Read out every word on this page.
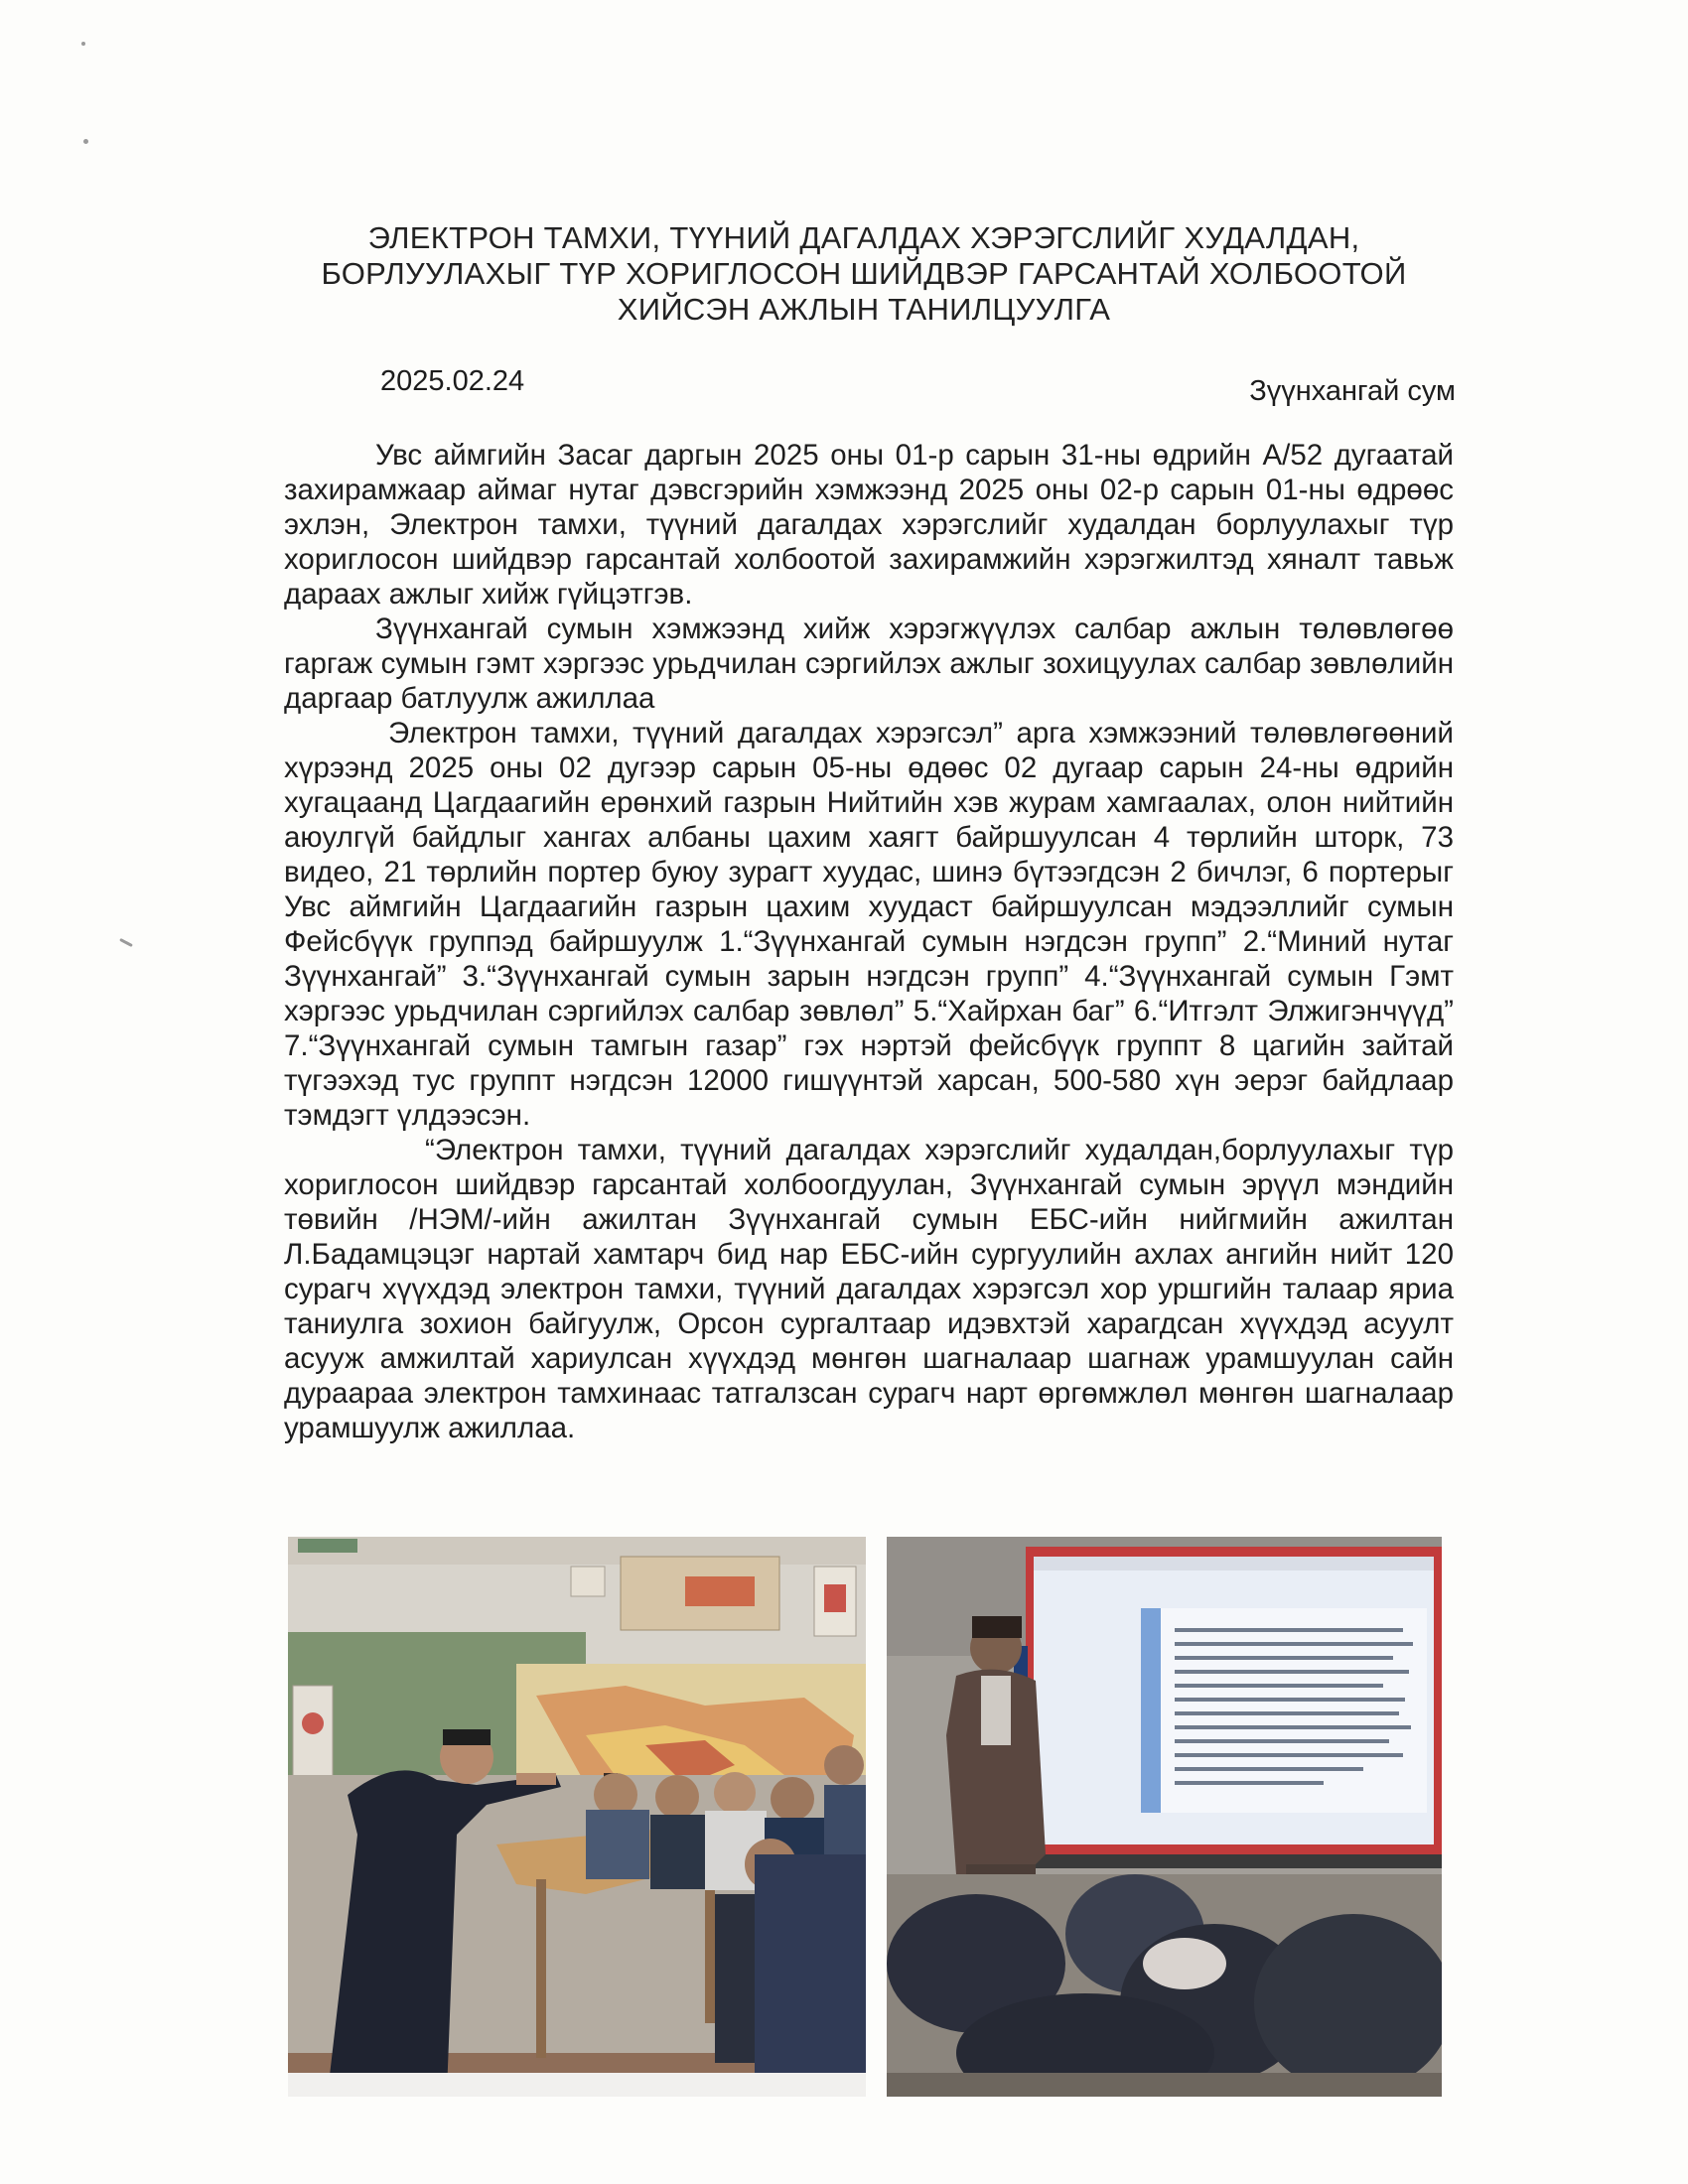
ЭЛЕКТРОН ТАМХИ, ТҮҮНИЙ ДАГАЛДАХ ХЭРЭГСЛИЙГ ХУДАЛДАН,
БОРЛУУЛАХЫГ ТҮР ХОРИГЛОСОН ШИЙДВЭР ГАРСАНТАЙ ХОЛБООТОЙ
ХИЙСЭН АЖЛЫН ТАНИЛЦУУЛГА
2025.02.24	Зүүнхангай сум

Увс аймгийн Засаг даргын 2025 оны 01-р сарын 31-ны өдрийн А/52 дугаатай захирамжаар аймаг нутаг дэвсгэрийн хэмжээнд 2025 оны 02-р сарын 01-ны өдрөөс эхлэн, Электрон тамхи, түүний дагалдах хэрэгслийг худалдан борлуулахыг түр хориглосон шийдвэр гарсантай холбоотой захирамжийн хэрэгжилтэд хяналт тавьж дараах ажлыг хийж гүйцэтгэв.

Зүүнхангай сумын хэмжээнд хийж хэрэгжүүлэх салбар ажлын төлөвлөгөө гаргаж сумын гэмт хэргээс урьдчилан сэргийлэх ажлыг зохицуулах салбар зөвлөлийн даргаар батлуулж ажиллаа

Электрон тамхи, түүний дагалдах хэрэгсэл” арга хэмжээний төлөвлөгөөний хүрээнд 2025 оны 02 дугээр сарын 05-ны өдөөс 02 дугаар сарын 24-ны өдрийн хугацаанд Цагдаагийн ерөнхий газрын Нийтийн хэв журам хамгаалах, олон нийтийн аюулгүй байдлыг хангах албаны цахим хаягт байршуулсан 4 төрлийн шторк, 73 видео, 21 төрлийн портер буюу зурагт хуудас, шинэ бүтээгдсэн 2 бичлэг, 6 портерыг Увс аймгийн Цагдаагийн газрын цахим хуудаст байршуулсан мэдээллийг сумын Фейсбүүк группэд байршуулж 1.“Зүүнхангай сумын нэгдсэн групп” 2.“Миний нутаг Зүүнхангай” 3.“Зүүнхангай сумын зарын нэгдсэн групп” 4.“Зүүнхангай сумын Гэмт хэргээс урьдчилан сэргийлэх салбар зөвлөл” 5.“Хайрхан баг” 6.“Итгэлт Элжигэнчүүд” 7.“Зүүнхангай сумын тамгын газар” гэх нэртэй фейсбүүк группт 8 цагийн зайтай түгээхэд тус группт нэгдсэн 12000 гишүүнтэй харсан, 500-580 хүн эерэг байдлаар тэмдэгт үлдээсэн.

“Электрон тамхи, түүний дагалдах хэрэгслийг худалдан,борлуулахыг түр хориглосон шийдвэр гарсантай холбоогдуулан, Зүүнхангай сумын эрүүл мэндийн төвийн /НЭМ/-ийн ажилтан Зүүнхангай сумын ЕБС-ийн нийгмийн ажилтан Л.Бадамцэцэг нартай хамтарч бид нар ЕБС-ийн сургуулийн ахлах ангийн нийт 120 сурагч хүүхдэд электрон тамхи, түүний дагалдах хэрэгсэл хор уршгийн талаар яриа таниулга зохион байгуулж, Орсон сургалтаар идэвхтэй харагдсан хүүхдэд асуулт асууж амжилтай хариулсан хүүхдэд мөнгөн шагналаар шагнаж урамшуулан сайн дураараа электрон тамхинаас татгалзсан сурагч нарт өргөмжлөл мөнгөн шагналаар урамшуулж ажиллаа.
